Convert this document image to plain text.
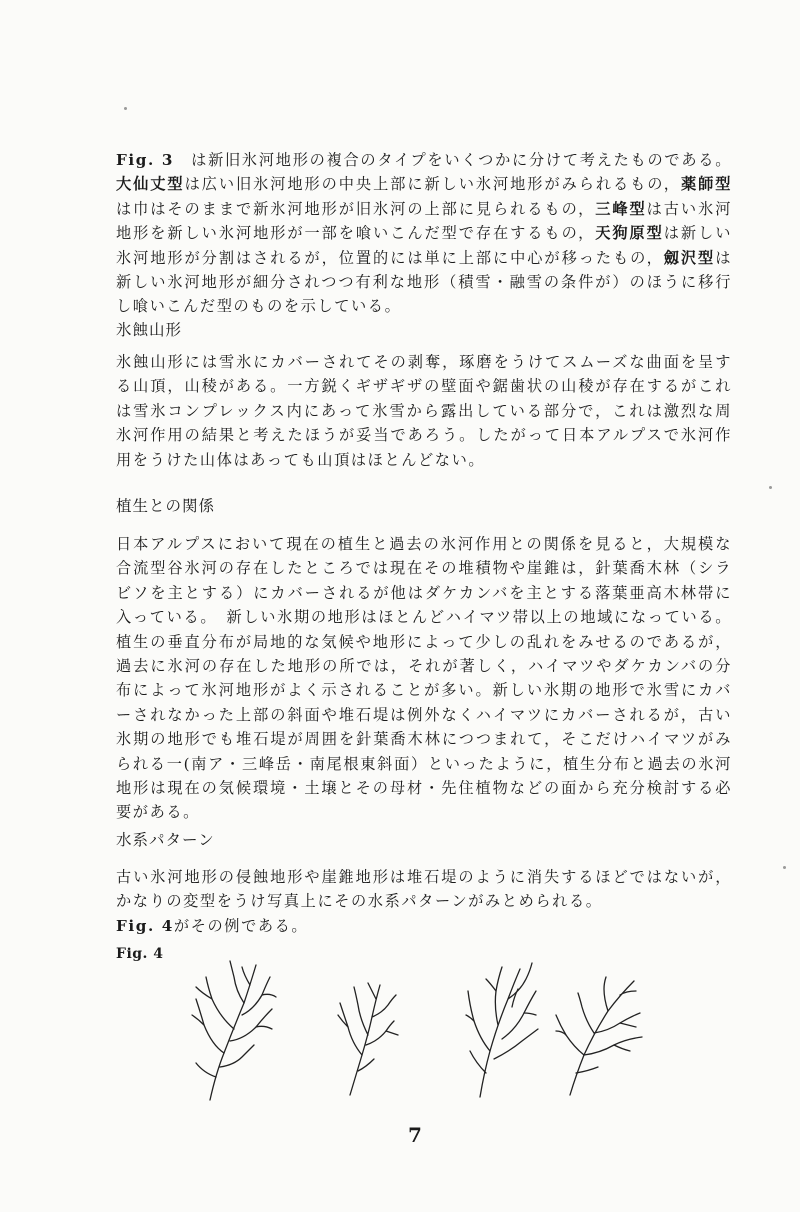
Fig. 3　は新旧氷河地形の複合のタイプをいくつかに分けて考えたものである。大仙丈型は広い旧氷河地形の中央上部に新しい氷河地形がみられるもの，薬師型は巾はそのままで新氷河地形が旧氷河の上部に見られるもの，三峰型は古い氷河地形を新しい氷河地形が一部を喰いこんだ型で存在するもの，天狗原型は新しい氷河地形が分割はされるが，位置的には単に上部に中心が移ったもの，劔沢型は新しい氷河地形が細分されつつ有利な地形（積雪・融雪の条件が）のほうに移行し喰いこんだ型のものを示している。
氷蝕山形
氷蝕山形には雪氷にカバーされてその剥奪，琢磨をうけてスムーズな曲面を呈する山頂，山稜がある。一方鋭くギザギザの壁面や鋸歯状の山稜が存在するがこれは雪氷コンプレックス内にあって氷雪から露出している部分で，これは激烈な周氷河作用の結果と考えたほうが妥当であろう。したがって日本アルプスで氷河作用をうけた山体はあっても山頂はほとんどない。
植生との関係
日本アルプスにおいて現在の植生と過去の氷河作用との関係を見ると，大規模な合流型谷氷河の存在したところでは現在その堆積物や崖錐は，針葉喬木林（シラビソを主とする）にカバーされるが他はダケカンバを主とする落葉亜高木林帯に入っている。　新しい氷期の地形はほとんどハイマツ帯以上の地域になっている。植生の垂直分布が局地的な気候や地形によって少しの乱れをみせるのであるが，過去に氷河の存在した地形の所では，それが著しく，ハイマツやダケカンバの分布によって氷河地形がよく示されることが多い。新しい氷期の地形で氷雪にカバーされなかった上部の斜面や堆石堤は例外なくハイマツにカバーされるが，古い氷期の地形でも堆石堤が周囲を針葉喬木林につつまれて，そこだけハイマツがみられる一(南ア・三峰岳・南尾根東斜面）といったように，植生分布と過去の氷河地形は現在の気候環境・土壌とその母材・先住植物などの面から充分検討する必要がある。
水系パターン
古い氷河地形の侵蝕地形や崖錐地形は堆石堤のように消失するほどではないが，かなりの変型をうけ写真上にその水系パターンがみとめられる。
Fig. 4がその例である。
Fig. 4
7
